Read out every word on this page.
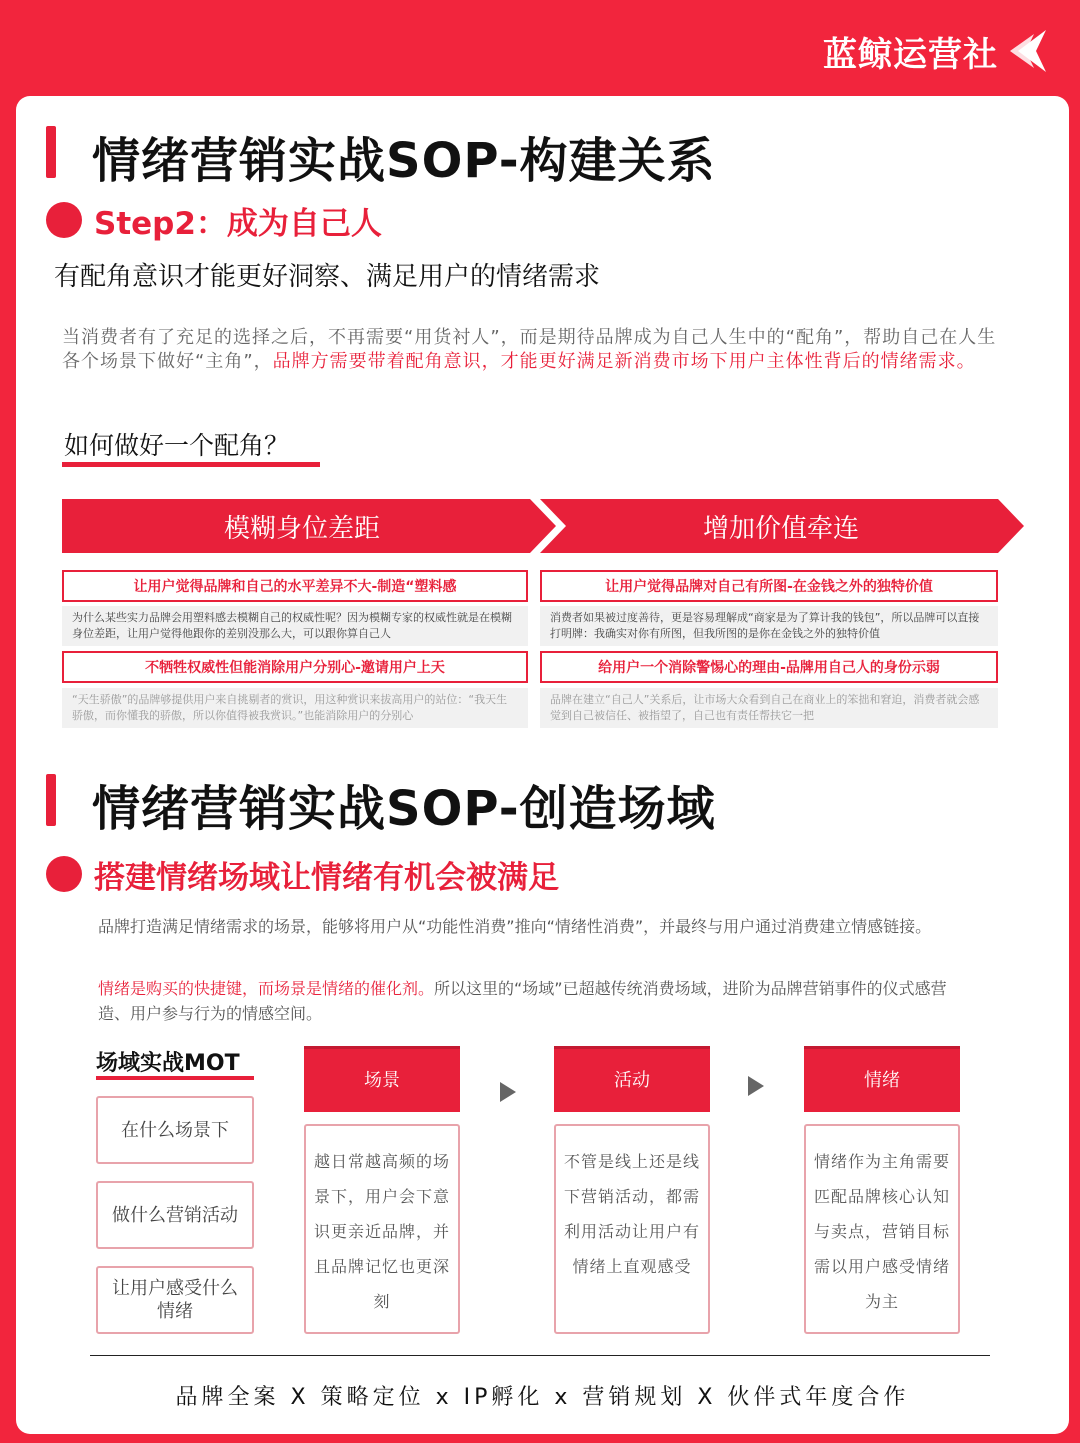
蓝鲸运营社
情绪营销实战SOP-构建关系
Step2：成为自己人
有配角意识才能更好洞察、满足用户的情绪需求
当消费者有了充足的选择之后，不再需要“用货衬人”，而是期待品牌成为自己人生中的“配角”，帮助自己在人生各个场景下做好“主角”，品牌方需要带着配角意识，才能更好满足新消费市场下用户主体性背后的情绪需求。
如何做好一个配角？
模糊身位差距	增加价值牵连
让用户觉得品牌和自己的水平差异不大-制造“塑料感
为什么某些实力品牌会用塑料感去模糊自己的权威性呢？因为模糊专家的权威性就是在模糊身位差距，让用户觉得他跟你的差别没那么大，可以跟你算自己人
不牺牲权威性但能消除用户分别心-邀请用户上天
“天生骄傲”的品牌够提供用户来自挑剔者的赏识，用这种赏识来拔高用户的站位：“我天生骄傲，而你懂我的骄傲，所以你值得被我赏识。”也能消除用户的分别心
让用户觉得品牌对自己有所图-在金钱之外的独特价值
消费者如果被过度善待，更是容易理解成“商家是为了算计我的钱包”，所以品牌可以直接打明牌：我确实对你有所图，但我所图的是你在金钱之外的独特价值
给用户一个消除警惕心的理由-品牌用自己人的身份示弱
品牌在建立“自己人”关系后，让市场大众看到自己在商业上的笨拙和窘迫，消费者就会感觉到自己被信任、被指望了，自己也有责任帮扶它一把
情绪营销实战SOP-创造场域
搭建情绪场域让情绪有机会被满足
品牌打造满足情绪需求的场景，能够将用户从“功能性消费”推向“情绪性消费”，并最终与用户通过消费建立情感链接。
情绪是购买的快捷键，而场景是情绪的催化剂。所以这里的“场域”已超越传统消费场域，进阶为品牌营销事件的仪式感营造、用户参与行为的情感空间。
场域实战MOT
在什么场景下
做什么营销活动
让用户感受什么情绪
场景
越日常越高频的场景下，用户会下意识更亲近品牌，并且品牌记忆也更深刻
活动
不管是线上还是线下营销活动，都需利用活动让用户有情绪上直观感受
情绪
情绪作为主角需要匹配品牌核心认知与卖点，营销目标需以用户感受情绪为主
品牌全案 X 策略定位 x IP孵化 x 营销规划 X 伙伴式年度合作
